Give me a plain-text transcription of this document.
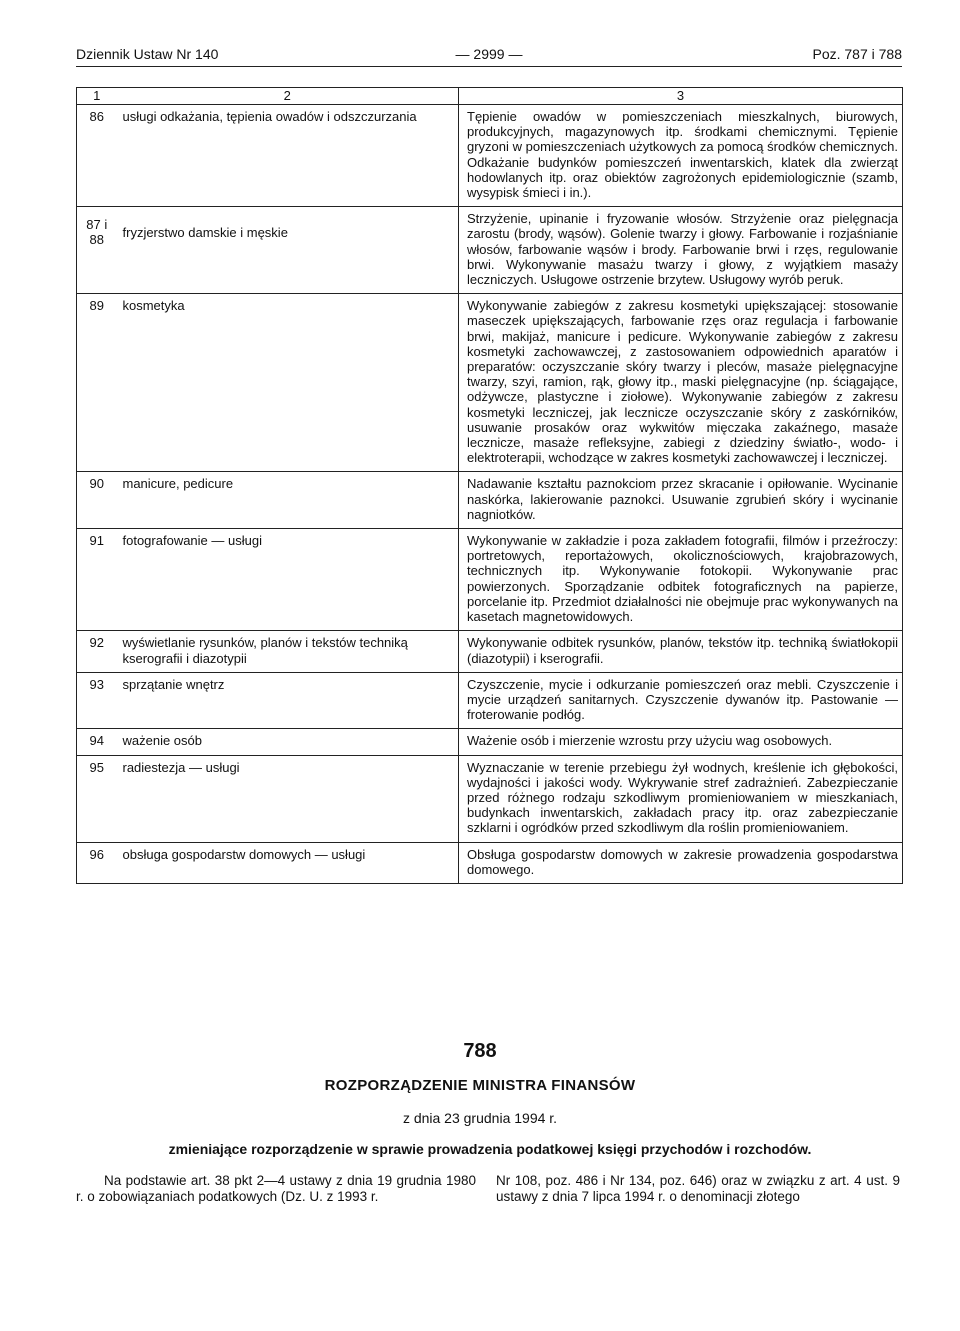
Dziennik Ustaw Nr 140	— 2999 —	Poz. 787 i 788
1	2	3
86	usługi odkażania, tępienia owadów i odszczurzania	Tępienie owadów w pomieszczeniach mieszkalnych, biurowych, produkcyjnych, magazynowych itp. środkami chemicznymi. Tępienie gryzoni w pomieszczeniach użytkowych za pomocą środków chemicznych. Odkażanie budynków pomieszczeń inwentarskich, klatek dla zwierząt hodowlanych itp. oraz obiektów zagrożonych epidemiologicznie (szamb, wysypisk śmieci i in.).
87 i 88	fryzjerstwo damskie i męskie	Strzyżenie, upinanie i fryzowanie włosów. Strzyżenie oraz pielęgnacja zarostu (brody, wąsów). Golenie twarzy i głowy. Farbowanie i rozjaśnianie włosów, farbowanie wąsów i brody. Farbowanie brwi i rzęs, regulowanie brwi. Wykonywanie masażu twarzy i głowy, z wyjątkiem masaży leczniczych. Usługowe ostrzenie brzytew. Usługowy wyrób peruk.
89	kosmetyka	Wykonywanie zabiegów z zakresu kosmetyki upiększającej: stosowanie maseczek upiększających, farbowanie rzęs oraz regulacja i farbowanie brwi, makijaż, manicure i pedicure. Wykonywanie zabiegów z zakresu kosmetyki zachowawczej, z zastosowaniem odpowiednich aparatów i preparatów: oczyszczanie skóry twarzy i pleców, masaże pielęgnacyjne twarzy, szyi, ramion, rąk, głowy itp., maski pielęgnacyjne (np. ściągające, odżywcze, plastyczne i ziołowe). Wykonywanie zabiegów z zakresu kosmetyki leczniczej, jak lecznicze oczyszczanie skóry z zaskórników, usuwanie prosaków oraz wykwitów mięczaka zakaźnego, masaże lecznicze, masaże refleksyjne, zabiegi z dziedziny światło-, wodo- i elektroterapii, wchodzące w zakres kosmetyki zachowawczej i leczniczej.
90	manicure, pedicure	Nadawanie kształtu paznokciom przez skracanie i opiłowanie. Wycinanie naskórka, lakierowanie paznokci. Usuwanie zgrubień skóry i wycinanie nagniotków.
91	fotografowanie — usługi	Wykonywanie w zakładzie i poza zakładem fotografii, filmów i przeźroczy: portretowych, reportażowych, okolicznościowych, krajobrazowych, technicznych itp. Wykonywanie fotokopii. Wykonywanie prac powierzonych. Sporządzanie odbitek fotograficznych na papierze, porcelanie itp. Przedmiot działalności nie obejmuje prac wykonywanych na kasetach magnetowidowych.
92	wyświetlanie rysunków, planów i tekstów techniką kserografii i diazotypii	Wykonywanie odbitek rysunków, planów, tekstów itp. techniką światłokopii (diazotypii) i kserografii.
93	sprzątanie wnętrz	Czyszczenie, mycie i odkurzanie pomieszczeń oraz mebli. Czyszczenie i mycie urządzeń sanitarnych. Czyszczenie dywanów itp. Pastowanie — froterowanie podłóg.
94	ważenie osób	Ważenie osób i mierzenie wzrostu przy użyciu wag osobowych.
95	radiestezja — usługi	Wyznaczanie w terenie przebiegu żył wodnych, kreślenie ich głębokości, wydajności i jakości wody. Wykrywanie stref zadrażnień. Zabezpieczanie przed różnego rodzaju szkodliwym promieniowaniem w mieszkaniach, budynkach inwentarskich, zakładach pracy itp. oraz zabezpieczanie szklarni i ogródków przed szkodliwym dla roślin promieniowaniem.
96	obsługa gospodarstw domowych — usługi	Obsługa gospodarstw domowych w zakresie prowadzenia gospodarstwa domowego.
788
ROZPORZĄDZENIE MINISTRA FINANSÓW
z dnia 23 grudnia 1994 r.
zmieniające rozporządzenie w sprawie prowadzenia podatkowej księgi przychodów i rozchodów.
Na podstawie art. 38 pkt 2—4 ustawy z dnia 19 grudnia 1980 r. o zobowiązaniach podatkowych (Dz. U. z 1993 r.
Nr 108, poz. 486 i Nr 134, poz. 646) oraz w związku z art. 4 ust. 9 ustawy z dnia 7 lipca 1994 r. o denominacji złotego
